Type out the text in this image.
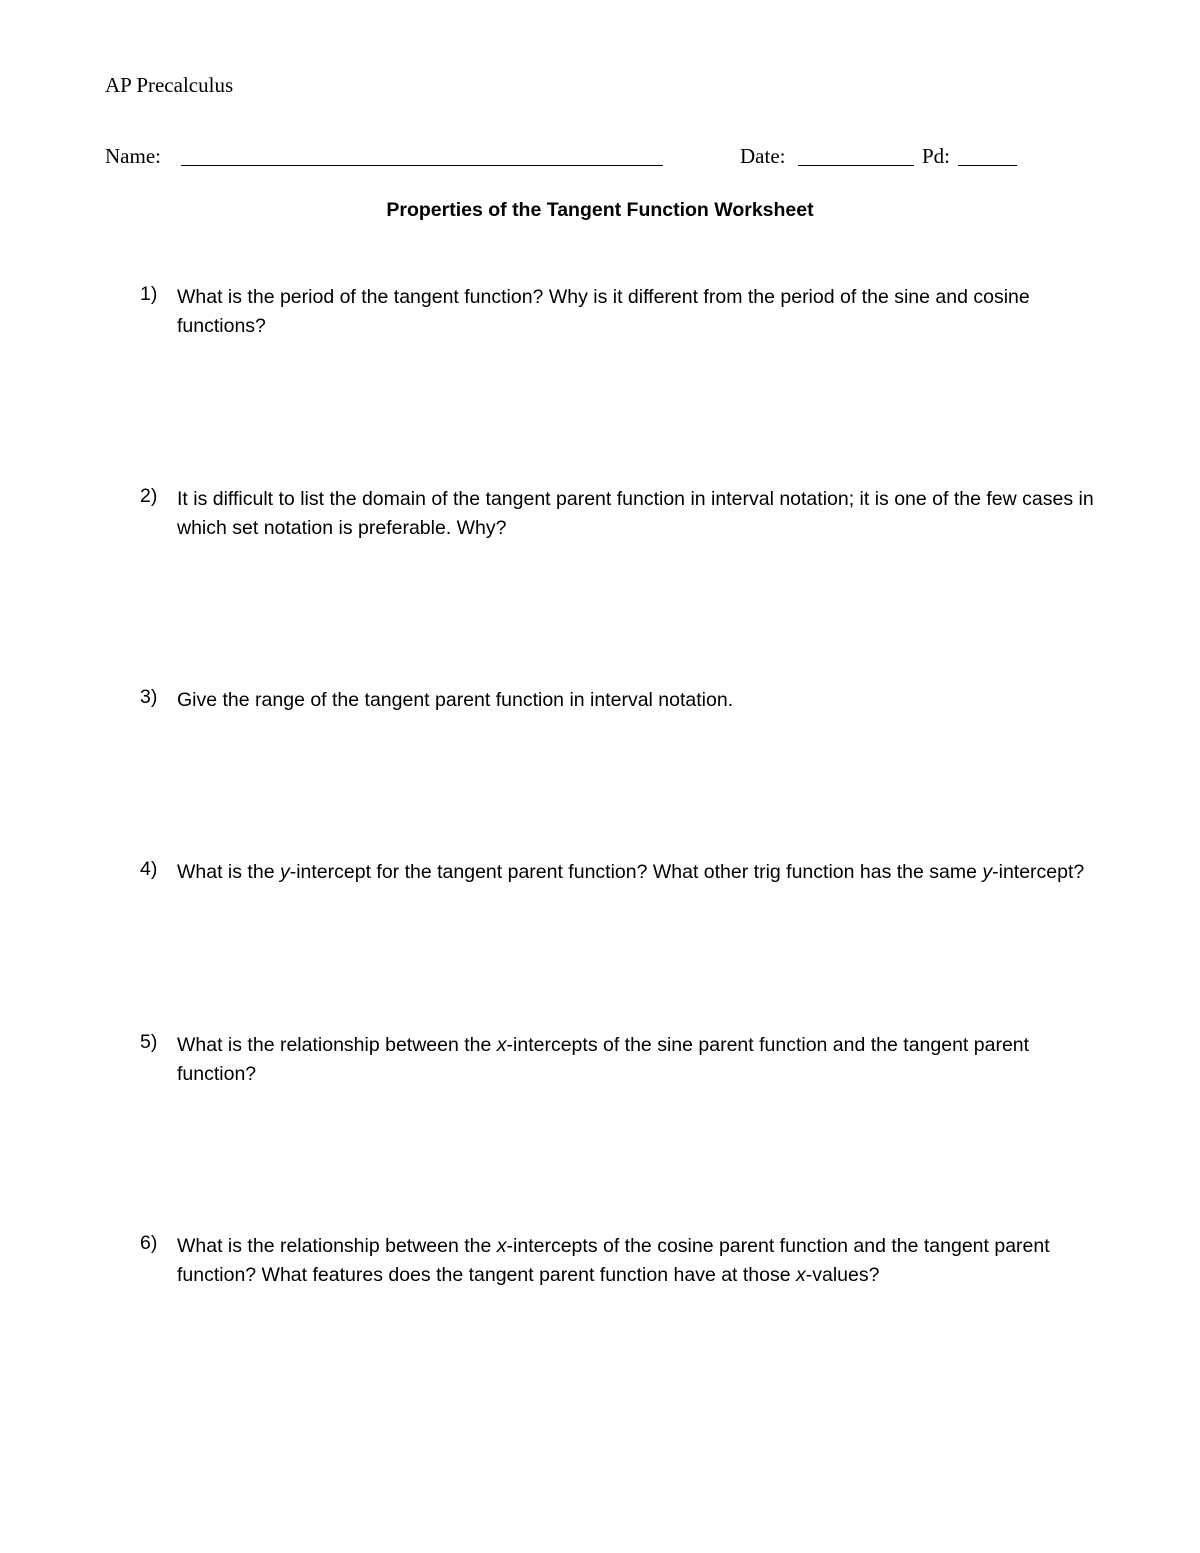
AP Precalculus
Name:	Date:	Pd:
Properties of the Tangent Function Worksheet
1)	What is the period of the tangent function? Why is it different from the period of the sine and cosine functions?
2)	It is difficult to list the domain of the tangent parent function in interval notation; it is one of the few cases in which set notation is preferable. Why?
3)	Give the range of the tangent parent function in interval notation.
4)	What is the y-intercept for the tangent parent function? What other trig function has the same y-intercept?
5)	What is the relationship between the x-intercepts of the sine parent function and the tangent parent function?
6)	What is the relationship between the x-intercepts of the cosine parent function and the tangent parent function? What features does the tangent parent function have at those x-values?
